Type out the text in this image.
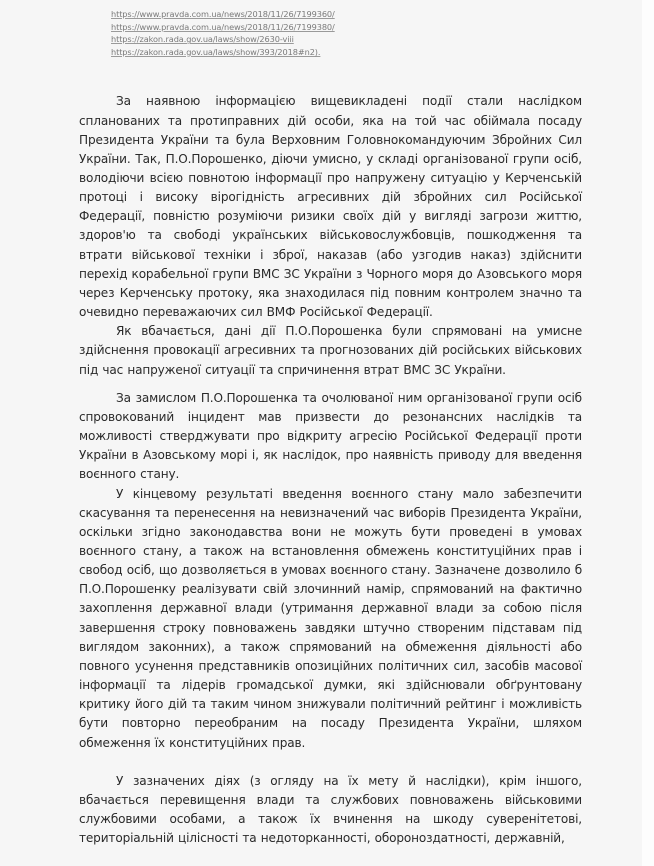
https://www.pravda.com.ua/news/2018/11/26/7199360/
https://www.pravda.com.ua/news/2018/11/26/7199380/
https://zakon.rada.gov.ua/laws/show/2630-viii
https://zakon.rada.gov.ua/laws/show/393/2018#n2).

За наявною інформацією вищевикладені події стали наслідком спланованих та протиправних дій особи, яка на той час обіймала посаду Президента України та була Верховним Головнокомандуючим Збройних Сил України. Так, П.О.Порошенко, діючи умисно, у складі організованої групи осіб, володіючи всією повнотою інформації про напружену ситуацію у Керченській протоці і високу вірогідність агресивних дій збройних сил Російської Федерації, повністю розуміючи ризики своїх дій у вигляді загрози життю, здоров'ю та свободі українських військовослужбовців, пошкодження та втрати військової техніки і зброї, наказав (або узгодив наказ) здійснити перехід корабельної групи ВМС ЗС України з Чорного моря до Азовського моря через Керченську протоку, яка знаходилася під повним контролем значно та очевидно переважаючих сил ВМФ Російської Федерації.

Як вбачається, дані дії П.О.Порошенка були спрямовані на умисне здійснення провокації агресивних та прогнозованих дій російських військових під час напруженої ситуації та спричинення втрат ВМС ЗС України.

За замислом П.О.Порошенка та очолюваної ним організованої групи осіб спровокований інцидент мав призвести до резонансних наслідків та можливості стверджувати про відкриту агресію Російської Федерації проти України в Азовському морі і, як наслідок, про наявність приводу для введення воєнного стану.

У кінцевому результаті введення воєнного стану мало забезпечити скасування та перенесення на невизначений час виборів Президента України, оскільки згідно законодавства вони не можуть бути проведені в умовах воєнного стану, а також на встановлення обмежень конституційних прав і свобод осіб, що дозволяється в умовах воєнного стану. Зазначене дозволило б П.О.Порошенку реалізувати свій злочинний намір, спрямований на фактично захоплення державної влади (утримання державної влади за собою після завершення строку повноважень завдяки штучно створеним підставам під виглядом законних), а також спрямований на обмеження діяльності або повного усунення представників опозиційних політичних сил, засобів масової інформації та лідерів громадської думки, які здійснювали обґрунтовану критику його дій та таким чином знижували політичний рейтинг і можливість бути повторно переобраним на посаду Президента України, шляхом обмеження їх конституційних прав.

У зазначених діях (з огляду на їх мету й наслідки), крім іншого, вбачається перевищення влади та службових повноважень військовими службовими особами, а також їх вчинення на шкоду суверенітетові, територіальній цілісності та недоторканності, обороноздатності, державній,
